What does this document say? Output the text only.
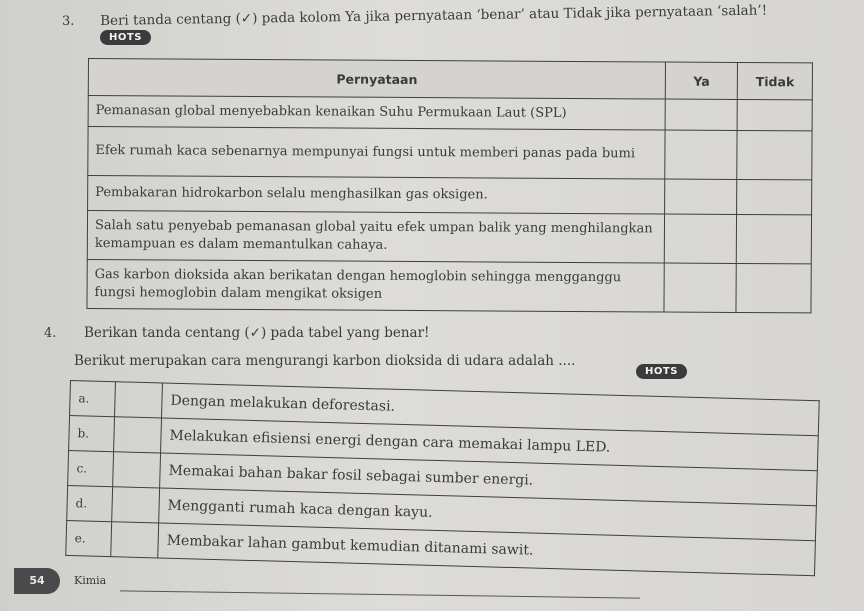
3. Beri tanda centang (✓) pada kolom Ya jika pernyataan ‘benar’ atau Tidak jika pernyataan ‘salah’!
HOTS
Pernyataan	Ya	Tidak
Pemanasan global menyebabkan kenaikan Suhu Permukaan Laut (SPL)		
Efek rumah kaca sebenarnya mempunyai fungsi untuk memberi panas pada bumi		
Pembakaran hidrokarbon selalu menghasilkan gas oksigen.		
Salah satu penyebab pemanasan global yaitu efek umpan balik yang menghilangkan kemampuan es dalam memantulkan cahaya.		
Gas karbon dioksida akan berikatan dengan hemoglobin sehingga mengganggu fungsi hemoglobin dalam mengikat oksigen		
4. Berikan tanda centang (✓) pada tabel yang benar!
Berikut merupakan cara mengurangi karbon dioksida di udara adalah ....
HOTS
a.		Dengan melakukan deforestasi.
b.		Melakukan efisiensi energi dengan cara memakai lampu LED.
c.		Memakai bahan bakar fosil sebagai sumber energi.
d.		Mengganti rumah kaca dengan kayu.
e.		Membakar lahan gambut kemudian ditanami sawit.
54	Kimia
